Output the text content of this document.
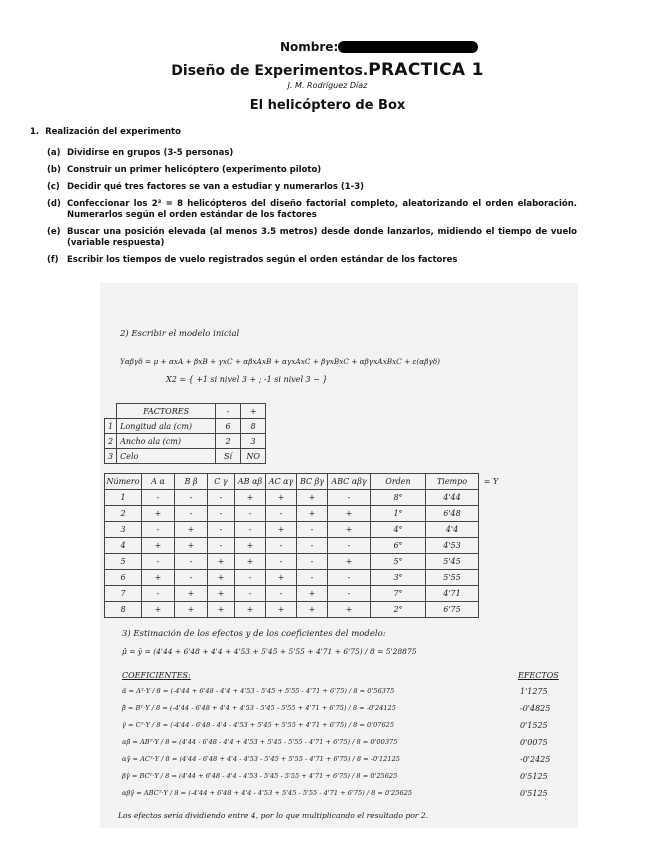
Nombre:
Diseño de Experimentos.PRACTICA 1
J. M. Rodríguez Díaz
El helicóptero de Box
1. Realización del experimento
(a) Dividirse en grupos (3-5 personas)
(b) Construir un primer helicóptero (experimento piloto)
(c) Decidir qué tres factores se van a estudiar y numerarlos (1-3)
(d) Confeccionar los 2³ = 8 helicópteros del diseño factorial completo, aleatorizando el orden elaboración. Numerarlos según el orden estándar de los factores
(e) Buscar una posición elevada (al menos 3.5 metros) desde donde lanzarlos, midiendo el tiempo de vuelo (variable respuesta)
(f) Escribir los tiempos de vuelo registrados según el orden estándar de los factores
2) Escribir el modelo inicial
Yαβγδ = μ + αxA + βxB + γxC + αβxAxB + αγxAxC + βγxBxC + αβγxAxBxC + ε(αβγδ)
X2 = { +1 si nivel 3 + ; -1 si nivel 3 − }
	FACTORES	-	+
1	Longitud ala (cm)	6	8
2	Ancho ala (cm)	2	3
3	Celo	Sí	NO
Número	A α	B β	C γ	AB αβ	AC αγ	BC βγ	ABC αβγ	Orden	Tiempo	= Y
1	-	-	-	+	+	+	-	8°	4'44	
2	+	-	-	-	-	+	+	1°	6'48	
3	-	+	-	-	+	-	+	4°	4'4	
4	+	+	-	+	-	-	-	6°	4'53	
5	-	-	+	+	-	-	+	5°	5'45	
6	+	-	+	-	+	-	-	3°	5'55	
7	-	+	+	-	-	+	-	7°	4'71	
8	+	+	+	+	+	+	+	2°	6'75	
3) Estimación de los efectos y de los coeficientes del modelo:
μ̂ = ȳ = (4'44 + 6'48 + 4'4 + 4'53 + 5'45 + 5'55 + 4'71 + 6'75) / 8 = 5'28875
COEFICIENTES:	EFECTOS
α̂ = Aᵀ·Y / 8 = (-4'44 + 6'48 - 4'4 + 4'53 - 5'45 + 5'55 - 4'71 + 6'75) / 8 = 0'56375	1'1275
β̂ = Bᵀ·Y / 8 = (-4'44 - 6'48 + 4'4 + 4'53 - 5'45 - 5'55 + 4'71 + 6'75) / 8 = -0'24125	-0'4825
γ̂ = Cᵀ·Y / 8 = (-4'44 - 6'48 - 4'4 - 4'53 + 5'45 + 5'55 + 4'71 + 6'75) / 8 = 0'07625	0'1525
αβ̂ = ABᵀ·Y / 8 = (4'44 - 6'48 - 4'4 + 4'53 + 5'45 - 5'55 - 4'71 + 6'75) / 8 = 0'00375	0'0075
αγ̂ = ACᵀ·Y / 8 = (4'44 - 6'48 + 4'4 - 4'53 - 5'45 + 5'55 - 4'71 + 6'75) / 8 = -0'12125	-0'2425
βγ̂ = BCᵀ·Y / 8 = (4'44 + 6'48 - 4'4 - 4'53 - 5'45 - 5'55 + 4'71 + 6'75) / 8 = 0'25625	0'5125
αβγ̂ = ABCᵀ·Y / 8 = (-4'44 + 6'48 + 4'4 - 4'53 + 5'45 - 5'55 - 4'71 + 6'75) / 8 = 0'25625	0'5125
Los efectos sería dividiendo entre 4, por lo que multiplicando el resultado por 2.
